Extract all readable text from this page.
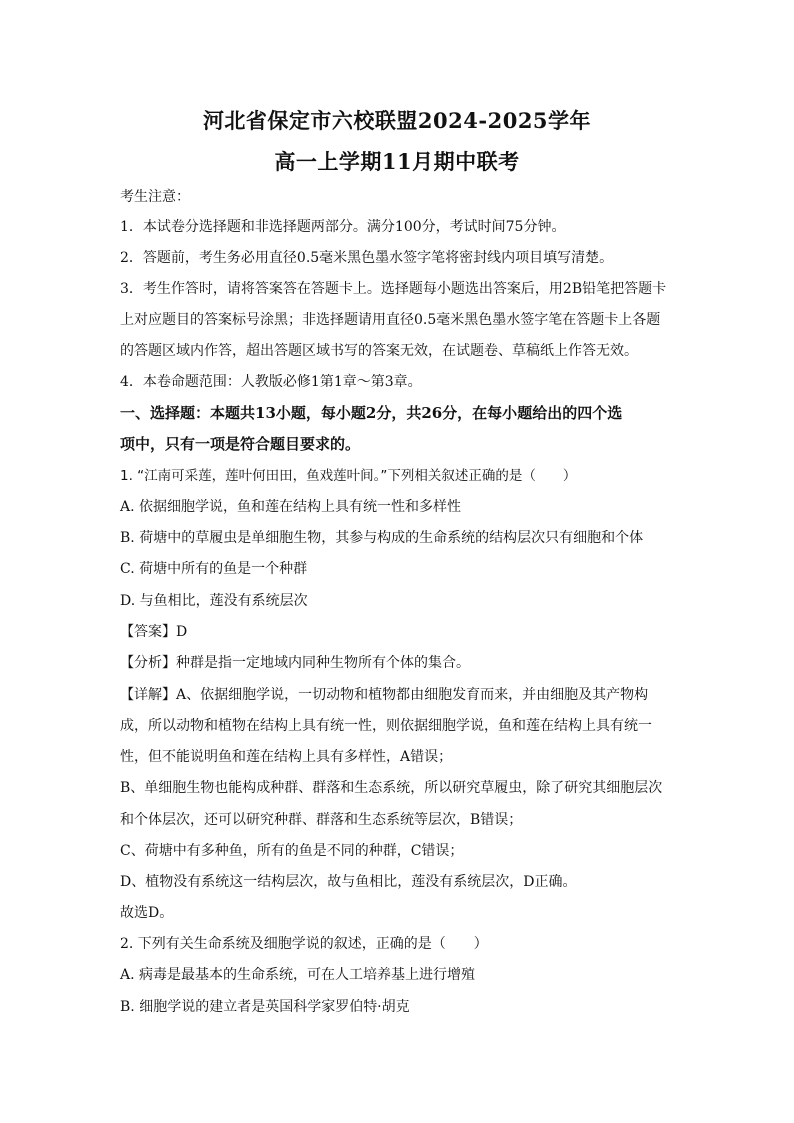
河北省保定市六校联盟2024-2025学年
高一上学期11月期中联考
考生注意：
1．本试卷分选择题和非选择题两部分。满分100分，考试时间75分钟。
2．答题前，考生务必用直径0.5毫米黑色墨水签字笔将密封线内项目填写清楚。
3．考生作答时，请将答案答在答题卡上。选择题每小题选出答案后，用2B铅笔把答题卡
上对应题目的答案标号涂黑；非选择题请用直径0.5毫米黑色墨水签字笔在答题卡上各题
的答题区域内作答，超出答题区域书写的答案无效，在试题卷、草稿纸上作答无效。
4．本卷命题范围：人教版必修1第1章～第3章。
一、选择题：本题共13小题，每小题2分，共26分，在每小题给出的四个选
项中，只有一项是符合题目要求的。
1. “江南可采莲，莲叶何田田，鱼戏莲叶间。”下列相关叙述正确的是（　　）
A. 依据细胞学说，鱼和莲在结构上具有统一性和多样性
B. 荷塘中的草履虫是单细胞生物，其参与构成的生命系统的结构层次只有细胞和个体
C. 荷塘中所有的鱼是一个种群
D. 与鱼相比，莲没有系统层次
【答案】D
【分析】种群是指一定地域内同种生物所有个体的集合。
【详解】A、依据细胞学说，一切动物和植物都由细胞发育而来，并由细胞及其产物构
成，所以动物和植物在结构上具有统一性，则依据细胞学说，鱼和莲在结构上具有统一
性，但不能说明鱼和莲在结构上具有多样性，A错误；
B、单细胞生物也能构成种群、群落和生态系统，所以研究草履虫，除了研究其细胞层次
和个体层次，还可以研究种群、群落和生态系统等层次，B错误；
C、荷塘中有多种鱼，所有的鱼是不同的种群，C错误；
D、植物没有系统这一结构层次，故与鱼相比，莲没有系统层次，D正确。
故选D。
2. 下列有关生命系统及细胞学说的叙述，正确的是（　　）
A. 病毒是最基本的生命系统，可在人工培养基上进行增殖
B. 细胞学说的建立者是英国科学家罗伯特·胡克
